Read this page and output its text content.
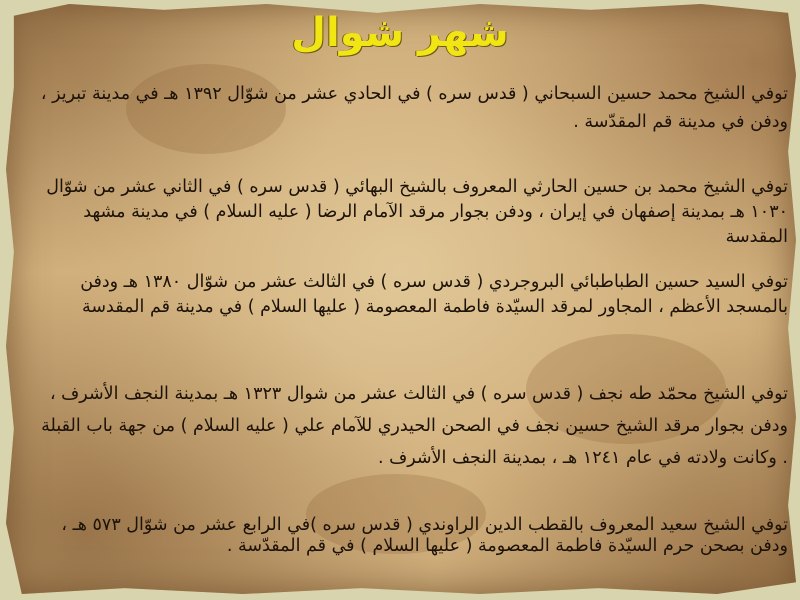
شهر شوال

توفي الشيخ محمد حسين السبحاني ( قدس سره ) في الحادي عشر من شوّال ١٣٩٢ هـ في مدينة تبريز ، ودفن في مدينة قم المقدّسة .

توفي الشيخ محمد بن حسين الحارثي المعروف بالشيخ البهائي ( قدس سره ) في الثاني عشر من شوّال ١٠٣٠ هـ بمدينة إصفهان في إيران ، ودفن بجوار مرقد الآمام الرضا ( عليه السلام ) في مدينة مشهد المقدسة

توفي السيد حسين الطباطبائي البروجردي ( قدس سره ) في الثالث عشر من شوّال ١٣٨٠ هـ ودفن بالمسجد الأعظم ، المجاور لمرقد السيّدة فاطمة المعصومة ( عليها السلام ) في مدينة قم المقدسة

توفي الشيخ محمّد طه نجف ( قدس سره ) في الثالث عشر من شوال ١٣٢٣ هـ بمدينة النجف الأشرف ، ودفن بجوار مرقد الشيخ حسين نجف في الصحن الحيدري للآمام علي ( عليه السلام ) من جهة باب القبلة . وكانت ولادته في عام ١٢٤١ هـ ، بمدينة النجف الأشرف .

توفي الشيخ سعيد المعروف بالقطب الدين الراوندي ( قدس سره )في الرابع عشر من شوّال ٥٧٣ هـ ، ودفن بصحن حرم السيّدة فاطمة المعصومة ( عليها السلام ) في قم المقدّسة .
